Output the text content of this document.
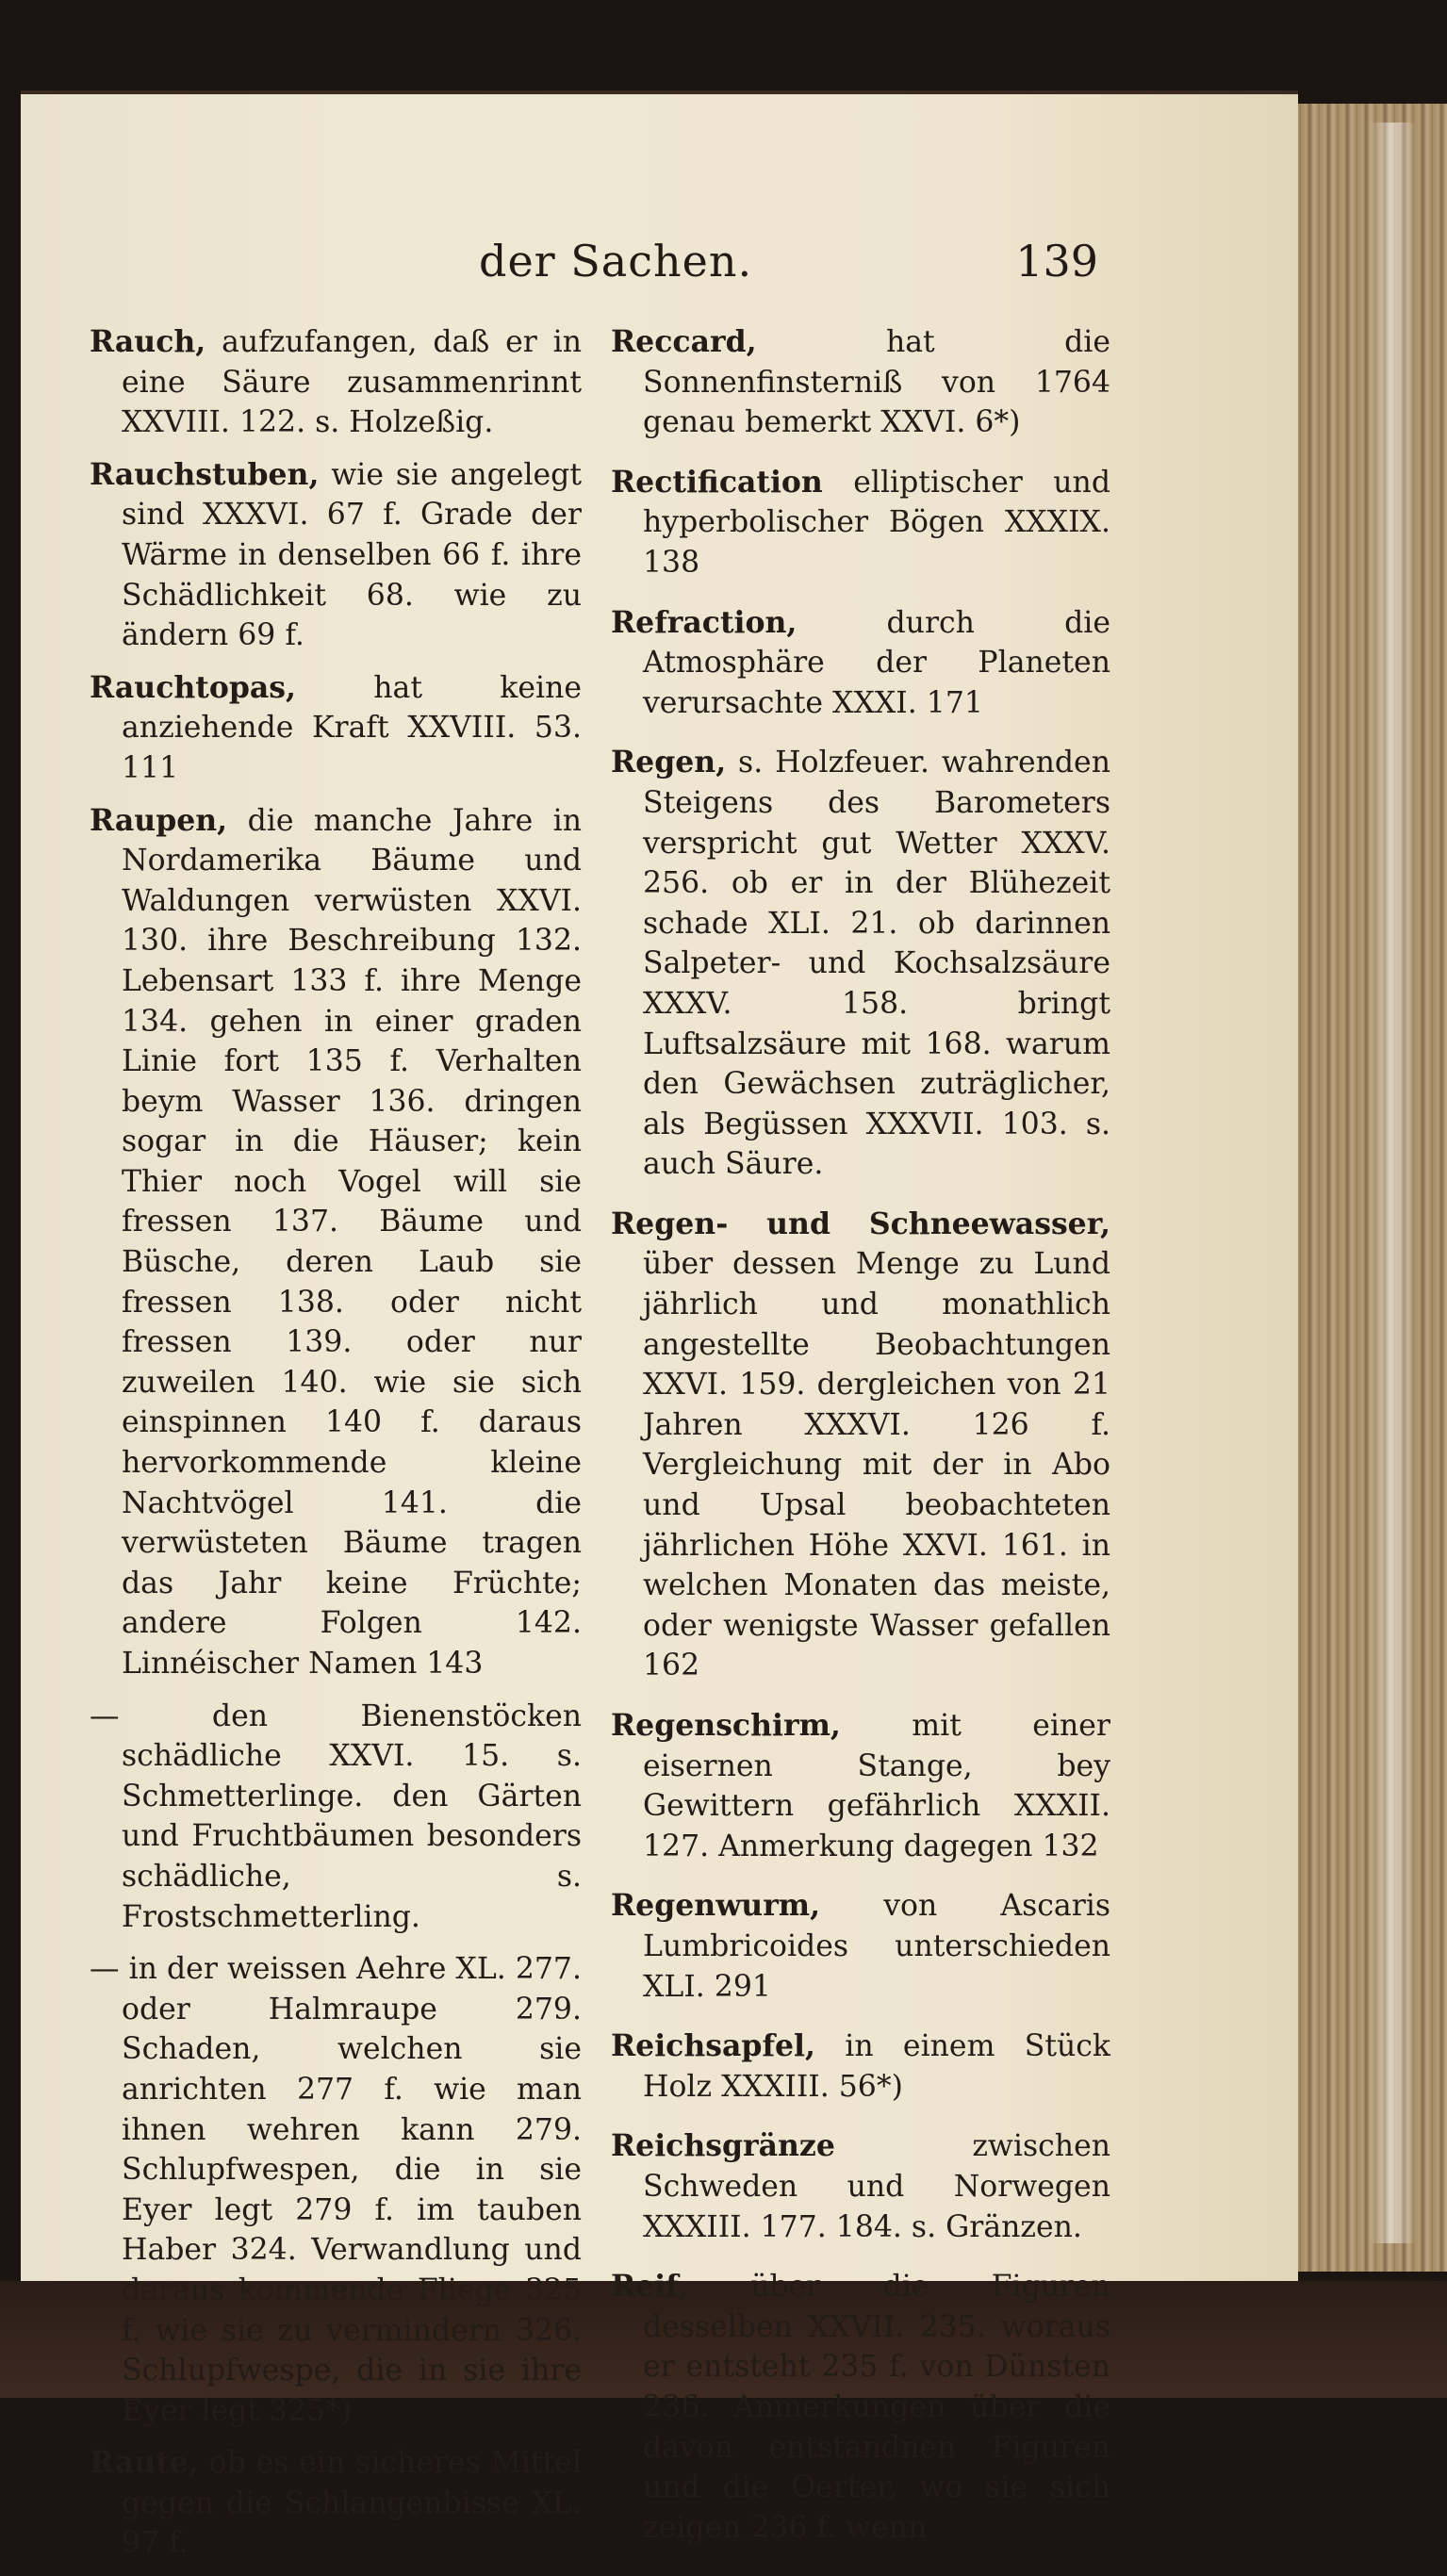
der Sachen.	139

Rauch, aufzufangen, daß er in eine Säure zusammenrinnt XXVIII. 122. s. Holzeßig.

Rauchstuben, wie sie angelegt sind XXXVI. 67 f. Grade der Wärme in denselben 66 f. ihre Schädlichkeit 68. wie zu ändern 69 f.

Rauchtopas, hat keine anziehende Kraft XXVIII. 53. 111

Raupen, die manche Jahre in Nordamerika Bäume und Waldungen verwüsten XXVI. 130. ihre Beschreibung 132. Lebensart 133 f. ihre Menge 134. gehen in einer graden Linie fort 135 f. Verhalten beym Wasser 136. dringen sogar in die Häuser; kein Thier noch Vogel will sie fressen 137. Bäume und Büsche, deren Laub sie fressen 138. oder nicht fressen 139. oder nur zuweilen 140. wie sie sich einspinnen 140 f. daraus hervorkommende kleine Nachtvögel 141. die verwüsteten Bäume tragen das Jahr keine Früchte; andere Folgen 142. Linnéischer Namen 143

— den Bienenstöcken schädliche XXVI. 15. s. Schmetterlinge. den Gärten und Fruchtbäumen besonders schädliche, s. Frostschmetterling.

— in der weissen Aehre XL. 277. oder Halmraupe 279. Schaden, welchen sie anrichten 277 f. wie man ihnen wehren kann 279. Schlupfwespen, die in sie Eyer legt 279 f. im tauben Haber 324. Verwandlung und daraus kommende Fliege 325 f. wie sie zu vermindern 326. Schlupfwespe, die in sie ihre Eyer legt 325*)

Raute, ob es ein sicheres Mittel gegen die Schlangenbisse XL. 97 f.

Reccard, hat die Sonnenfinsterniß von 1764 genau bemerkt XXVI. 6*)

Rectification elliptischer und hyperbolischer Bögen XXXIX. 138

Refraction, durch die Atmosphäre der Planeten verursachte XXXI. 171

Regen, s. Holzfeuer. wahrenden Steigens des Barometers verspricht gut Wetter XXXV. 256. ob er in der Blühezeit schade XLI. 21. ob darinnen Salpeter- und Kochsalzsäure XXXV. 158. bringt Luftsalzsäure mit 168. warum den Gewächsen zuträglicher, als Begüssen XXXVII. 103. s. auch Säure.

Regen- und Schneewasser, über dessen Menge zu Lund jährlich und monathlich angestellte Beobachtungen XXVI. 159. dergleichen von 21 Jahren XXXVI. 126 f. Vergleichung mit der in Abo und Upsal beobachteten jährlichen Höhe XXVI. 161. in welchen Monaten das meiste, oder wenigste Wasser gefallen 162

Regenschirm, mit einer eisernen Stange, bey Gewittern gefährlich XXXII. 127. Anmerkung dagegen 132

Regenwurm, von Ascaris Lumbricoides unterschieden XLI. 291

Reichsapfel, in einem Stück Holz XXXIII. 56*)

Reichsgränze zwischen Schweden und Norwegen XXXIII. 177. 184. s. Gränzen.

Reif, über die Figuren desselben XXVII. 235. woraus er entsteht 235 f. von Dünsten 236. Anmerkungen über die davon entstandnen Figuren und die Oerter, wo sie sich zeigen 236 f. wenn
